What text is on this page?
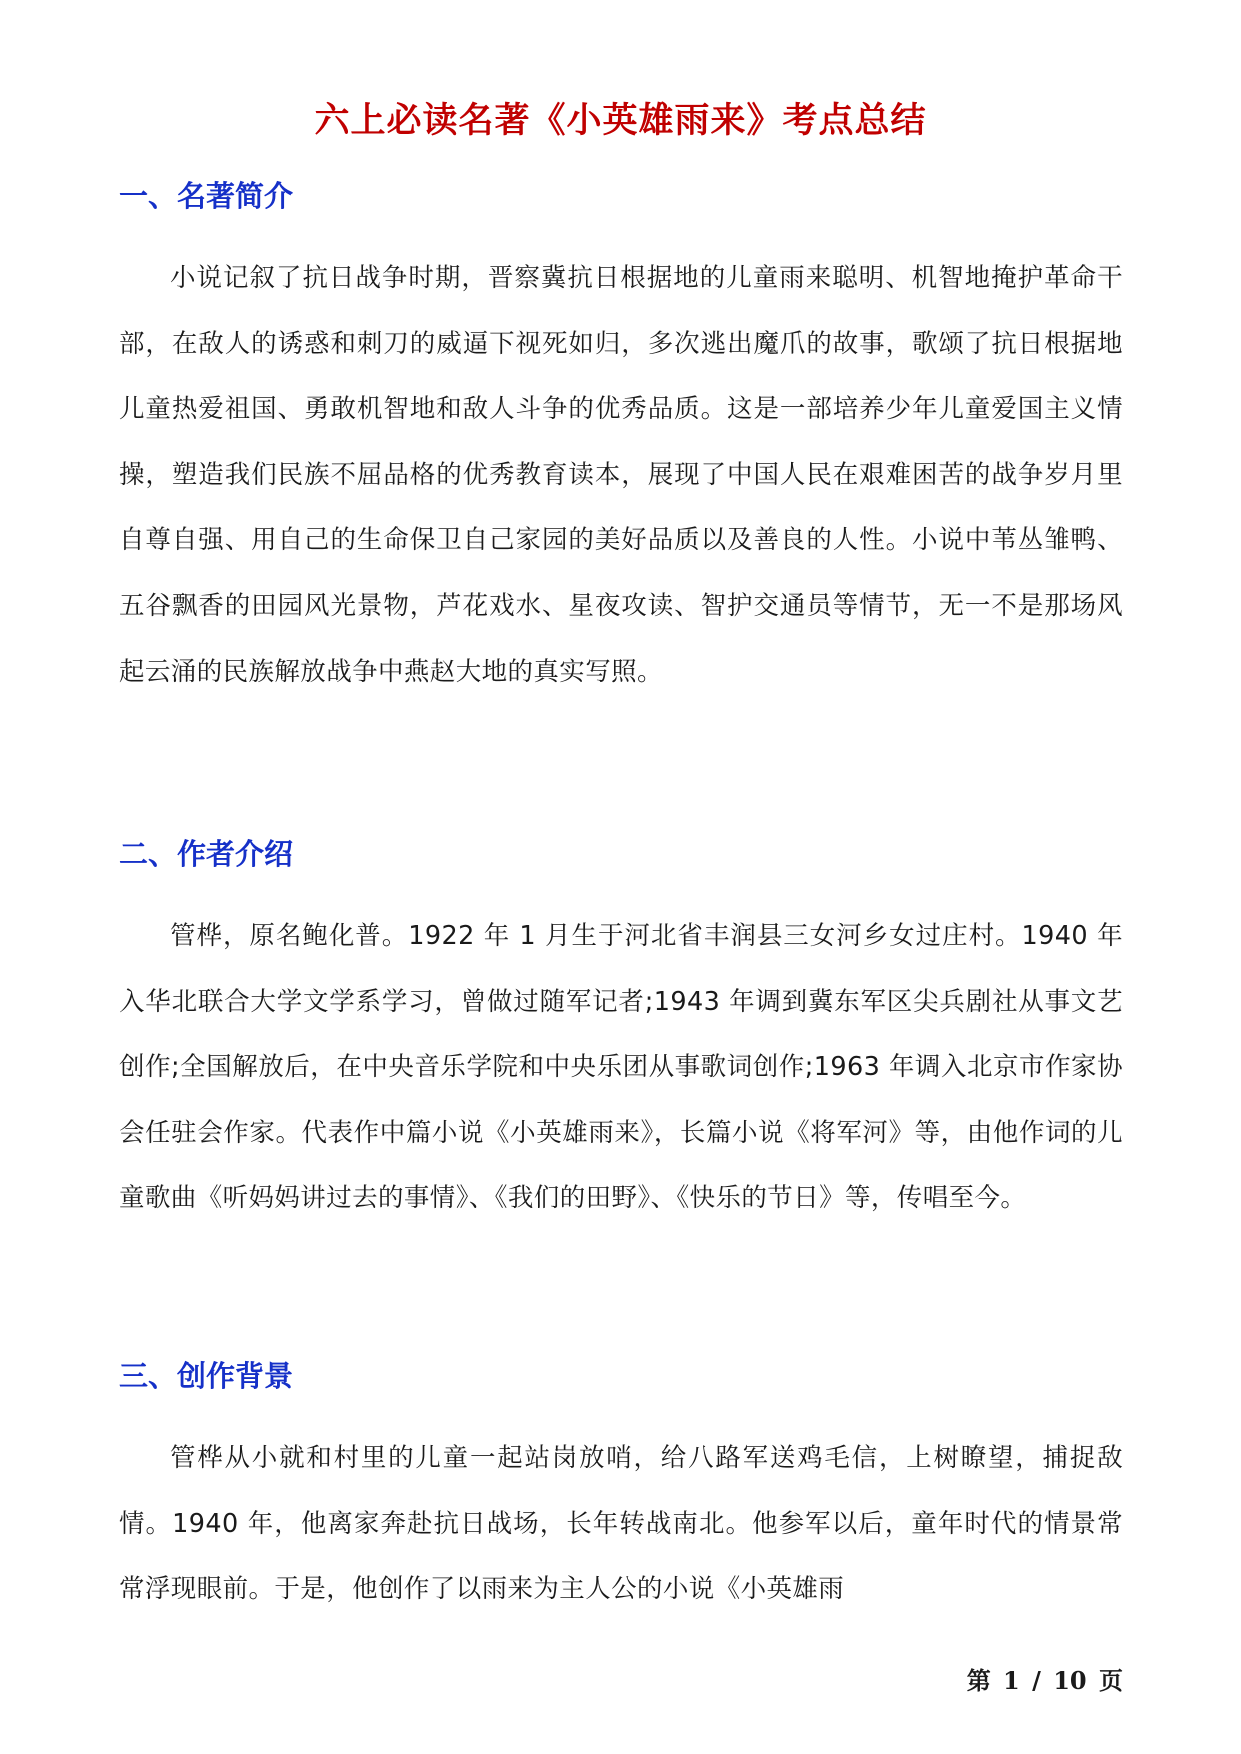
六上必读名著《小英雄雨来》考点总结
一、名著简介

小说记叙了抗日战争时期，晋察冀抗日根据地的儿童雨来聪明、机智地掩护革命干部，在敌人的诱惑和刺刀的威逼下视死如归，多次逃出魔爪的故事，歌颂了抗日根据地儿童热爱祖国、勇敢机智地和敌人斗争的优秀品质。这是一部培养少年儿童爱国主义情操，塑造我们民族不屈品格的优秀教育读本，展现了中国人民在艰难困苦的战争岁月里自尊自强、用自己的生命保卫自己家园的美好品质以及善良的人性。小说中苇丛雏鸭、五谷飘香的田园风光景物，芦花戏水、星夜攻读、智护交通员等情节，无一不是那场风起云涌的民族解放战争中燕赵大地的真实写照。

二、作者介绍

管桦，原名鲍化普。1922 年 1 月生于河北省丰润县三女河乡女过庄村。1940 年入华北联合大学文学系学习，曾做过随军记者;1943 年调到冀东军区尖兵剧社从事文艺创作;全国解放后，在中央音乐学院和中央乐团从事歌词创作;1963 年调入北京市作家协会任驻会作家。代表作中篇小说《小英雄雨来》，长篇小说《将军河》等，由他作词的儿童歌曲《听妈妈讲过去的事情》、《我们的田野》、《快乐的节日》等，传唱至今。

三、创作背景

管桦从小就和村里的儿童一起站岗放哨，给八路军送鸡毛信，上树瞭望，捕捉敌情。1940 年，他离家奔赴抗日战场，长年转战南北。他参军以后，童年时代的情景常常浮现眼前。于是，他创作了以雨来为主人公的小说《小英雄雨

第 1 / 10 页
